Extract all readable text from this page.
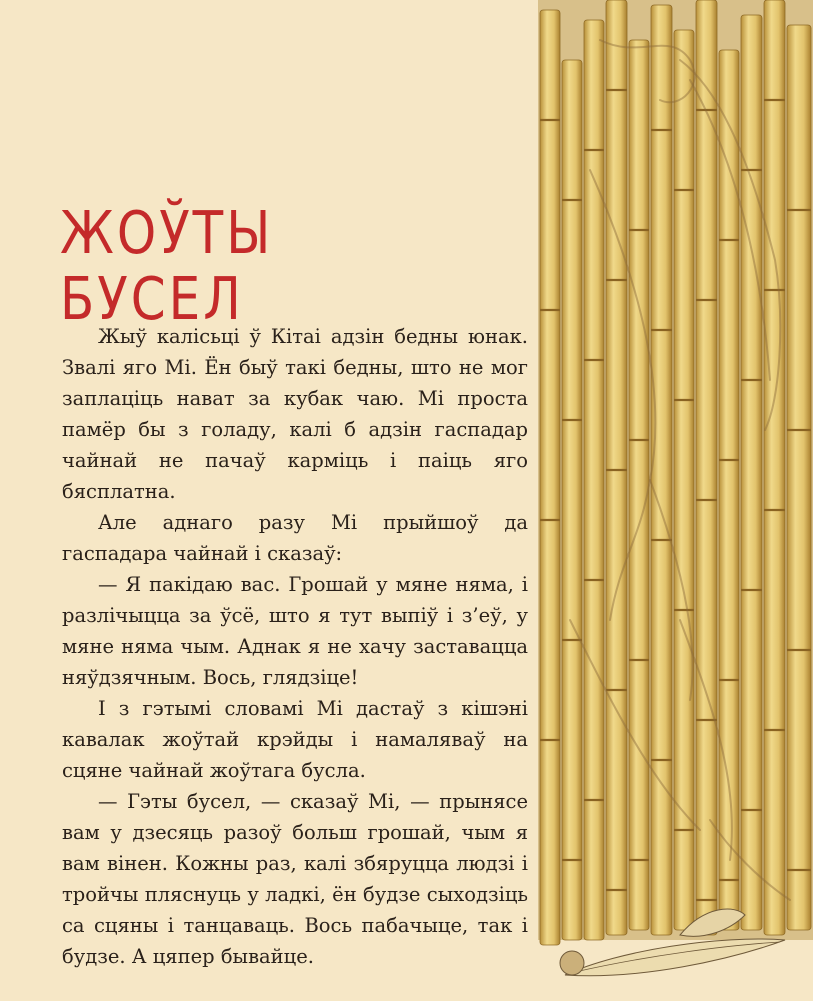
ЖОЎТЫ
БУСЕЛ

Жыў калісьці ў Кітаі адзін бедны юнак. Звалі яго Мі. Ён быў такі бедны, што не мог заплаціць нават за кубак чаю. Мі проста памёр бы з голаду, калі б адзін гаспадар чайнай не пачаў карміць і паіць яго бясплатна.

Але аднаго разу Мі прыйшоў да гаспадара чайнай і сказаў:

— Я пакідаю вас. Грошай у мяне няма, і разлічыцца за ўсё, што я тут выпіў і з’еў, у мяне няма чым. Аднак я не хачу заставацца няўдзячным. Вось, глядзіце!

І з гэтымі словамі Мі дастаў з кішэні кавалак жоўтай крэйды і намаляваў на сцяне чайнай жоўтага бусла.

— Гэты бусел, — сказаў Мі, — прынясе вам у дзесяць разоў больш грошай, чым я вам вінен. Кожны раз, калі збяруцца людзі і тройчы пляснуць у ладкі, ён будзе сыходзіць са сцяны і танцаваць. Вось пабачыце, так і будзе. А цяпер бывайце.
